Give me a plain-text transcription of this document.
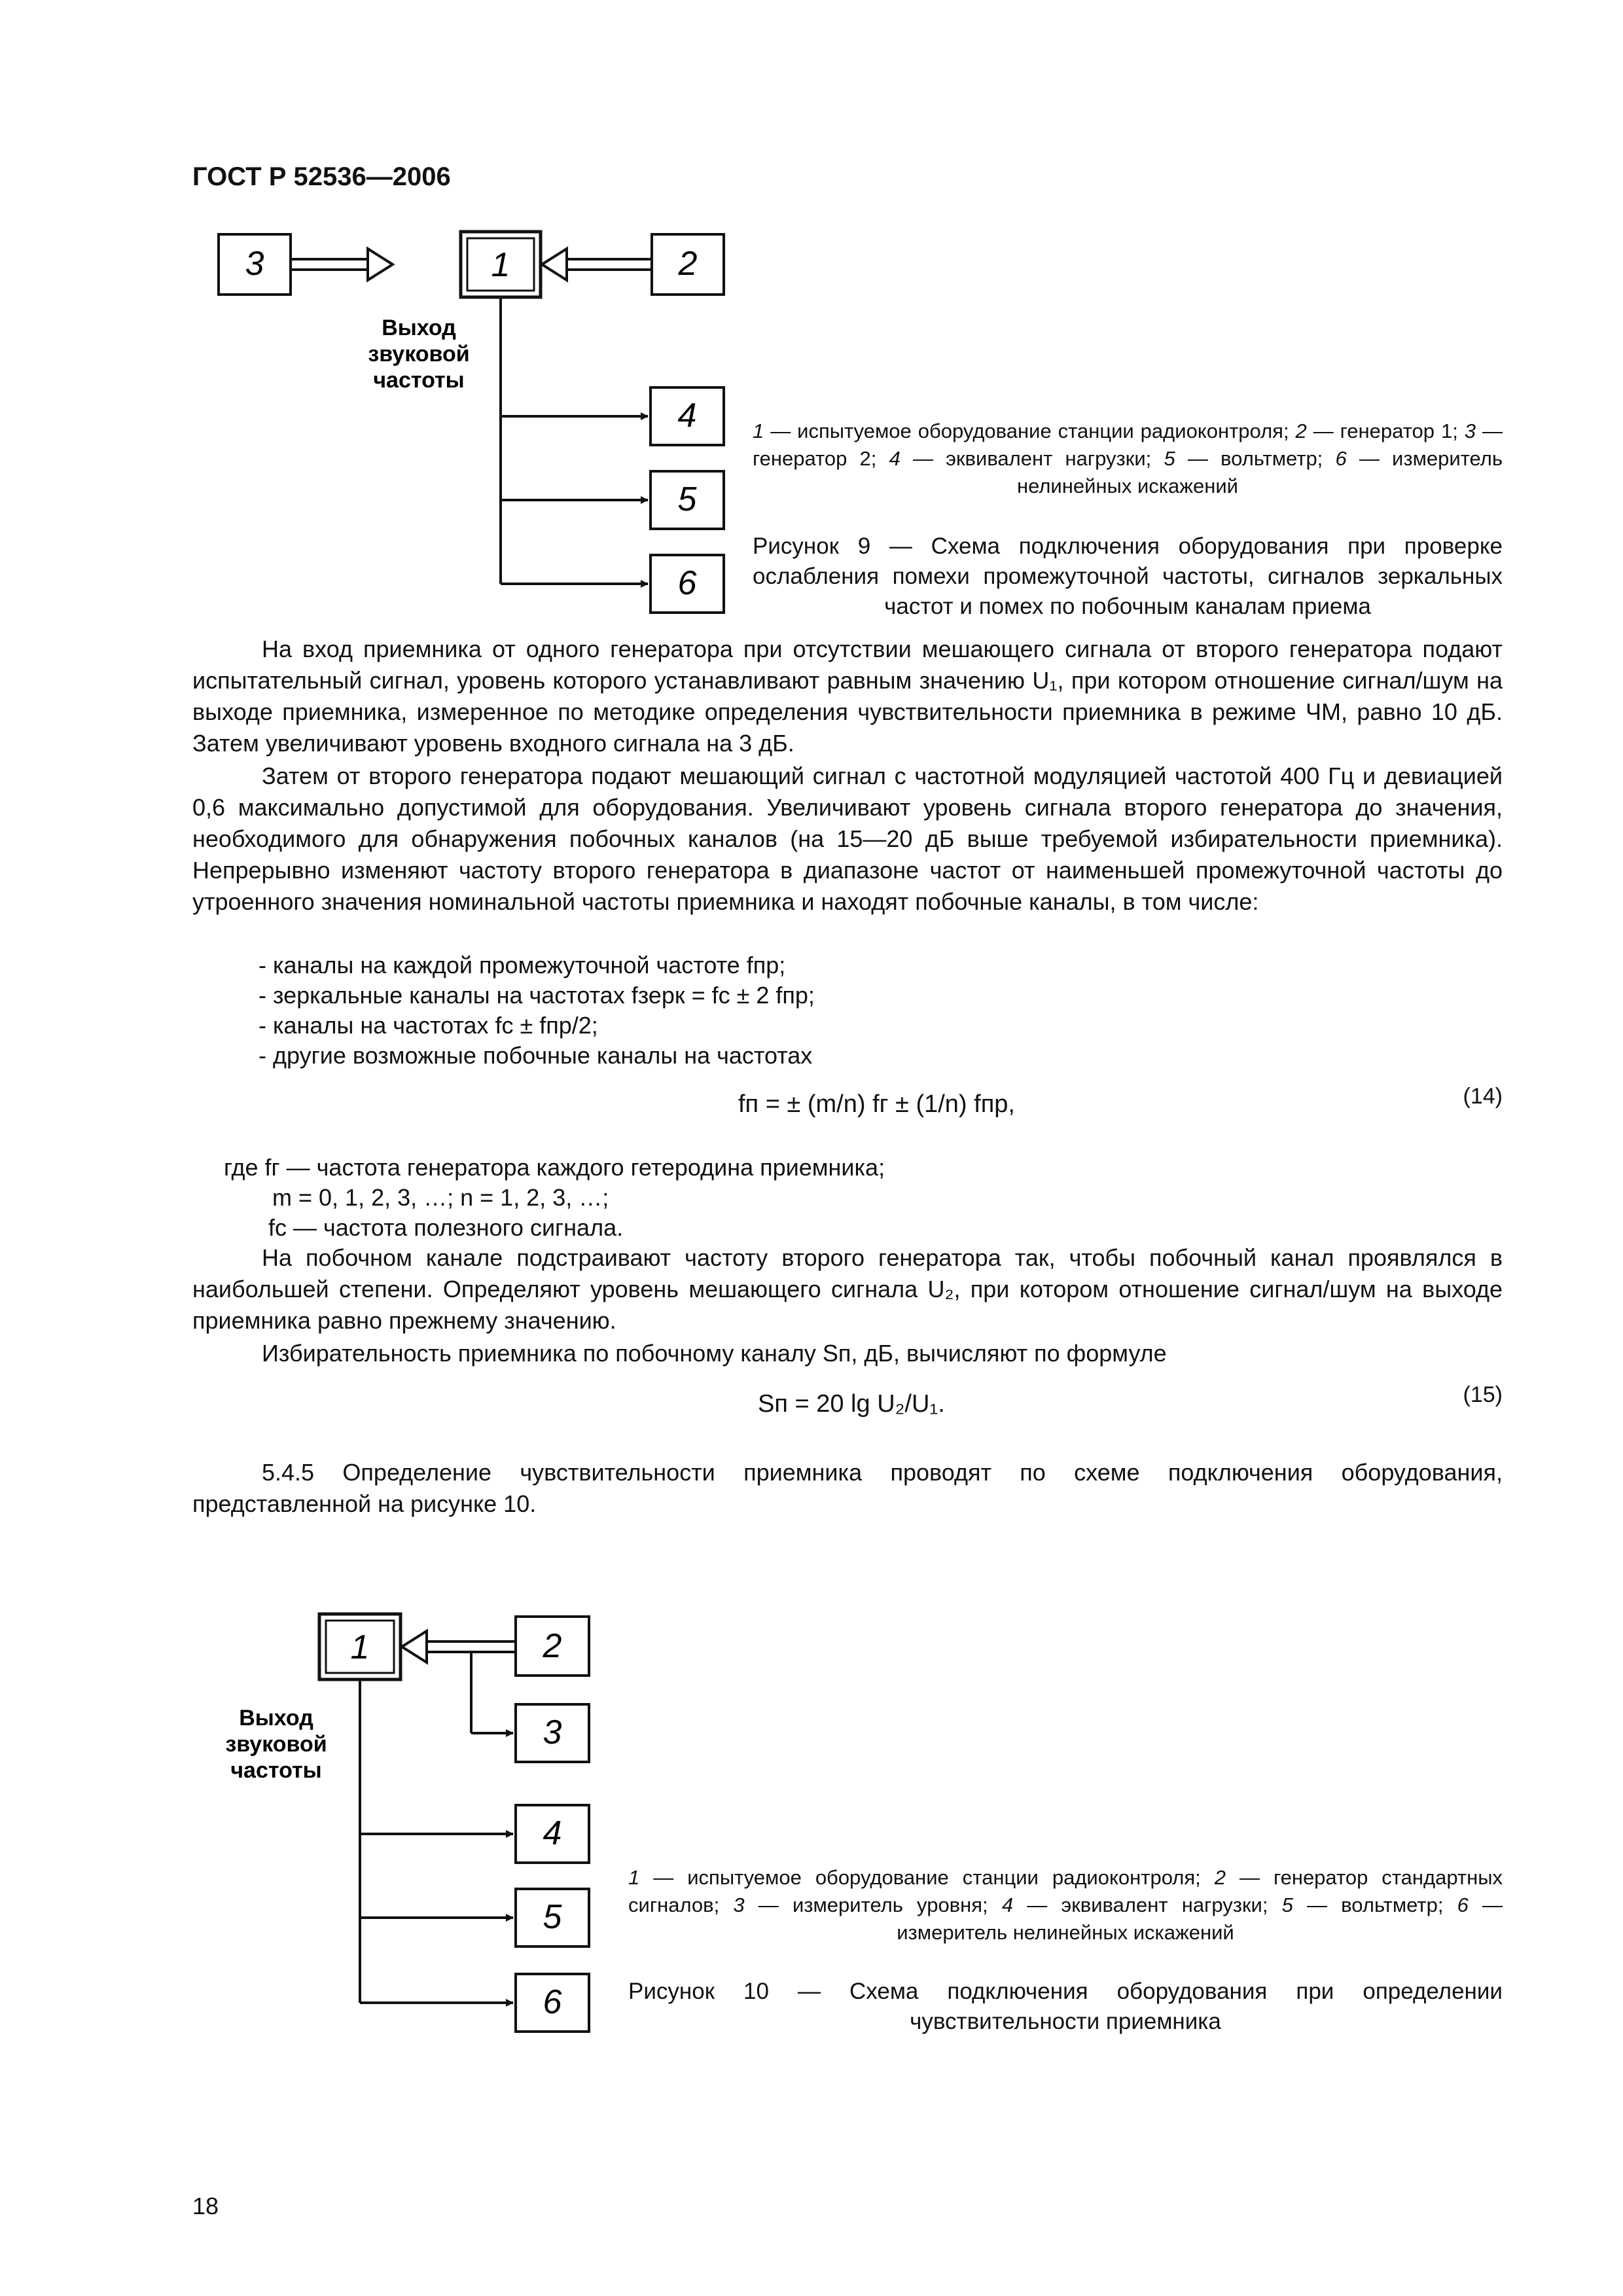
ГОСТ Р 52536—2006
3	1	2
Выход
звуковой
частоты
4
5
6
1 — испытуемое оборудование станции радиоконтроля; 2 — генератор 1; 3 — генератор 2; 4 — эквивалент нагрузки; 5 — вольтметр; 6 — измеритель нелинейных искажений
Рисунок 9 — Схема подключения оборудования при проверке ослабления помехи промежуточной частоты, сигналов зеркальных частот и помех по побочным каналам приема
На вход приемника от одного генератора при отсутствии мешающего сигнала от второго генератора подают испытательный сигнал, уровень которого устанавливают равным значению U₁, при котором отношение сигнал/шум на выходе приемника, измеренное по методике определения чувствительности приемника в режиме ЧМ, равно 10 дБ. Затем увеличивают уровень входного сигнала на 3 дБ.
Затем от второго генератора подают мешающий сигнал с частотной модуляцией частотой 400 Гц и девиацией 0,6 максимально допустимой для оборудования. Увеличивают уровень сигнала второго генератора до значения, необходимого для обнаружения побочных каналов (на 15—20 дБ выше требуемой избирательности приемника). Непрерывно изменяют частоту второго генератора в диапазоне частот от наименьшей промежуточной частоты до утроенного значения номинальной частоты приемника и находят побочные каналы, в том числе:
- каналы на каждой промежуточной частоте fпр;
- зеркальные каналы на частотах fзерк = fс ± 2 fпр;
- каналы на частотах fс ± fпр/2;
- другие возможные побочные каналы на частотах
fп = ± (m/n) fг ± (1/n) fпр,	(14)
где fг — частота генератора каждого гетеродина приемника;
m = 0, 1, 2, 3, …; n = 1, 2, 3, …;
fс — частота полезного сигнала.
На побочном канале подстраивают частоту второго генератора так, чтобы побочный канал проявлялся в наибольшей степени. Определяют уровень мешающего сигнала U₂, при котором отношение сигнал/шум на выходе приемника равно прежнему значению.
Избирательность приемника по побочному каналу Sп, дБ, вычисляют по формуле
Sп = 20 lg U₂/U₁.	(15)
5.4.5 Определение чувствительности приемника проводят по схеме подключения оборудования, представленной на рисунке 10.
1	2
3
Выход
звуковой
частоты
4
5
6
1 — испытуемое оборудование станции радиоконтроля; 2 — генератор стандартных сигналов; 3 — измеритель уровня; 4 — эквивалент нагрузки; 5 — вольтметр; 6 — измеритель нелинейных искажений
Рисунок 10 — Схема подключения оборудования при определении чувствительности приемника
18
